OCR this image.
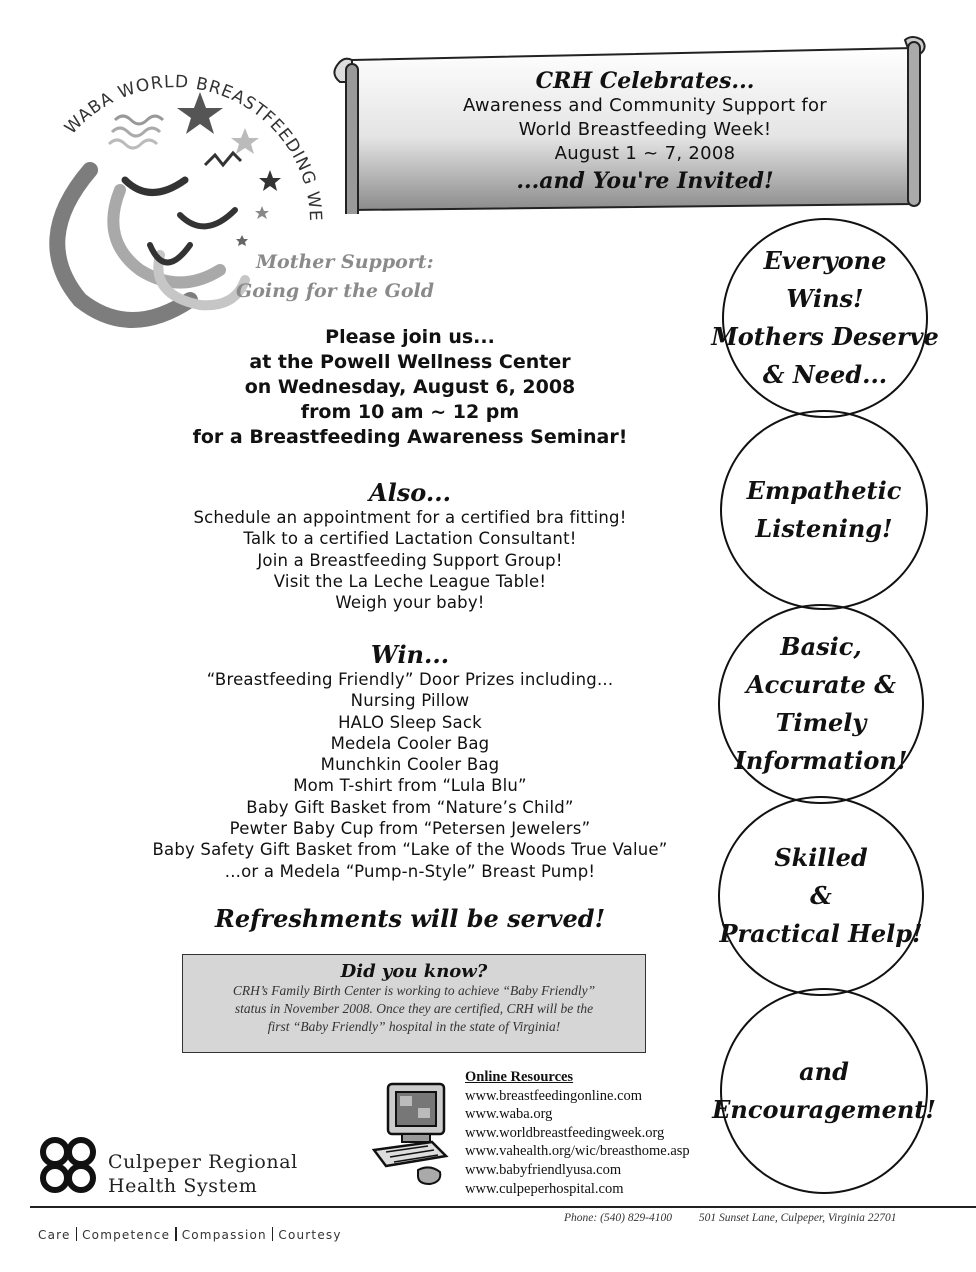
WABA WORLD BREASTFEEDING WE
Mother Support:
Going for the Gold
CRH Celebrates...
Awareness and Community Support for
World Breastfeeding Week!
August 1 ~ 7, 2008
...and You're Invited!
Please join us...
at the Powell Wellness Center
on Wednesday, August 6, 2008
from 10 am ~ 12 pm
for a Breastfeeding Awareness Seminar!
Also...
Schedule an appointment for a certified bra fitting!
Talk to a certified Lactation Consultant!
Join a Breastfeeding Support Group!
Visit the La Leche League Table!
Weigh your baby!
Win...
“Breastfeeding Friendly” Door Prizes including...
Nursing Pillow
HALO Sleep Sack
Medela Cooler Bag
Munchkin Cooler Bag
Mom T-shirt from “Lula Blu”
Baby Gift Basket from “Nature’s Child”
Pewter Baby Cup from “Petersen Jewelers”
Baby Safety Gift Basket from “Lake of the Woods True Value”
...or a Medela “Pump-n-Style” Breast Pump!
Refreshments will be served!
Did you know?
CRH’s Family Birth Center is working to achieve “Baby Friendly”
status in November 2008. Once they are certified, CRH will be the
first “Baby Friendly” hospital in the state of Virginia!
Everyone
Wins!
Mothers Deserve
& Need...
Empathetic
Listening!
Basic,
Accurate &
Timely
Information!
Skilled
&
Practical Help!
and
Encouragement!
Online Resources
www.breastfeedingonline.com
www.waba.org
www.worldbreastfeedingweek.org
www.vahealth.org/wic/breasthome.asp
www.babyfriendlyusa.com
www.culpeperhospital.com
Culpeper Regional
Health System
Phone: (540) 829-4100 501 Sunset Lane, Culpeper, Virginia 22701
Care Competence Compassion Courtesy
